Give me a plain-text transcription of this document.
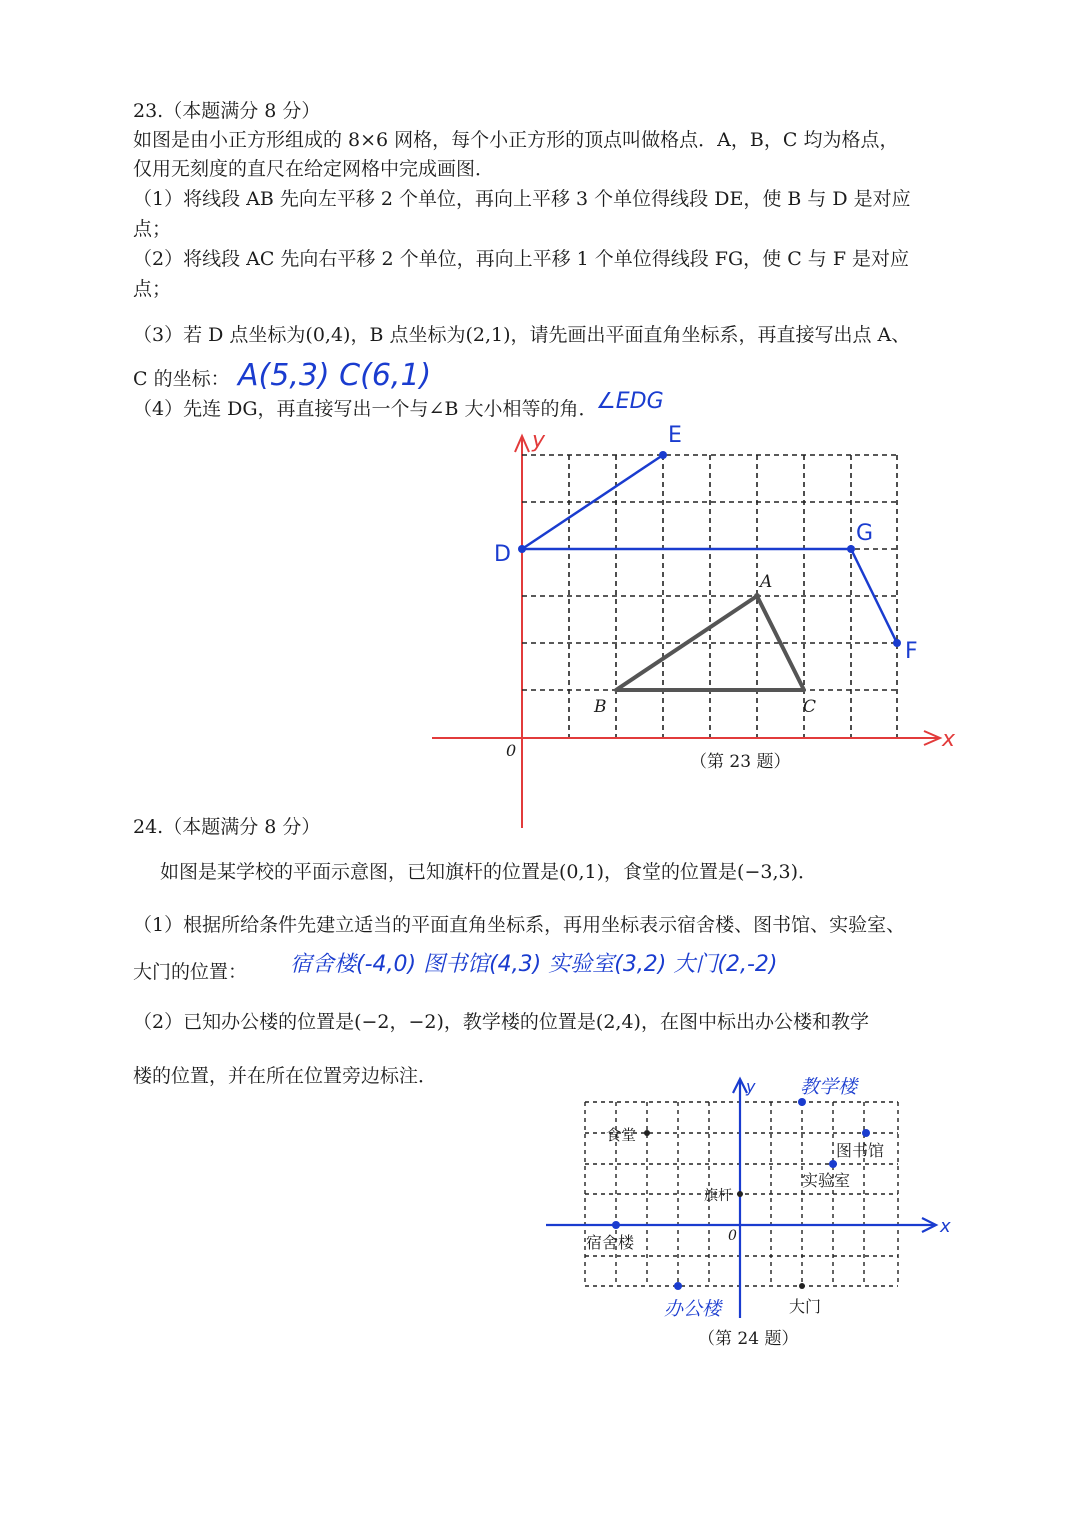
23.（本题满分 8 分）
如图是由小正方形组成的 8×6 网格，每个小正方形的顶点叫做格点．A，B，C 均为格点，
仅用无刻度的直尺在给定网格中完成画图．
（1）将线段 AB 先向左平移 2 个单位，再向上平移 3 个单位得线段 DE，使 B 与 D 是对应
点；
（2）将线段 AC 先向右平移 2 个单位，再向上平移 1 个单位得线段 FG，使 C 与 F 是对应
点；
（3）若 D 点坐标为(0,4)，B 点坐标为(2,1)，请先画出平面直角坐标系，再直接写出点 A、
C 的坐标： A(5,3) C(6,1)
（4）先连 DG，再直接写出一个与∠B 大小相等的角．
∠EDG
y
x
0
E
D
G
F
A
B	C
（第 23 题）
24.（本题满分 8 分）
如图是某学校的平面示意图，已知旗杆的位置是(0,1)，食堂的位置是(−3,3)．
（1）根据所给条件先建立适当的平面直角坐标系，再用坐标表示宿舍楼、图书馆、实验室、
大门的位置： 宿舍楼(-4,0) 图书馆(4,3) 实验室(3,2) 大门(2,-2)
（2）已知办公楼的位置是(−2，−2)，教学楼的位置是(2,4)，在图中标出办公楼和教学
楼的位置，并在所在位置旁边标注．
x
y
0
食堂
图书馆
实验室
旗杆
宿舍楼
大门
办公楼
教学楼
（第 24 题）
